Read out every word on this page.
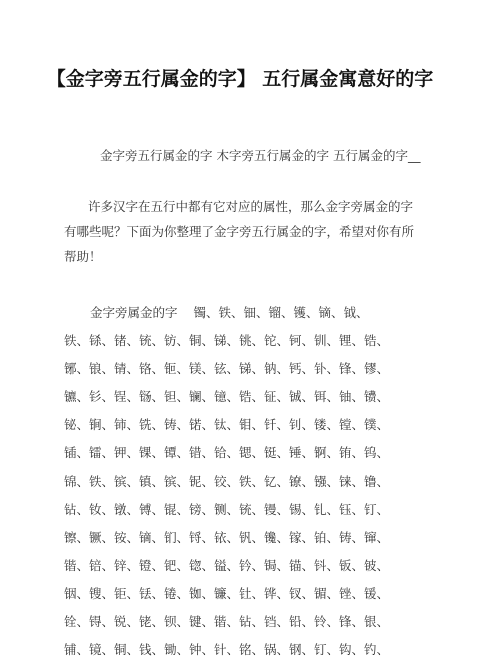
【金字旁五行属金的字】 五行属金寓意好的字
金字旁五行属金的字 木字旁五行属金的字 五行属金的字__
许多汉字在五行中都有它对应的属性，那么金字旁属金的字有哪些呢？下面为你整理了金字旁五行属金的字，希望对你有所帮助！
金字旁属金的字 镯、铁、钿、镏、镬、镝、钺、
铁、铩、锗、铳、钫、铜、锑、铫、铊、钶、钏、锂、锆、
铘、锒、锖、铬、钷、镁、铉、锑、钠、钙、钋、锋、镠、
镳、钐、锃、铴、钽、镧、镱、锆、钲、铖、铒、铀、镄、
铋、锏、铈、铣、铸、锘、钛、钼、钎、钊、镂、镗、镤、
锸、镭、钾、锞、镡、错、铪、锶、铤、锤、锕、铕、钨、
锦、铁、镔、镇、镔、铌、铰、铁、钇、镣、镪、铼、镥、
钻、钕、镦、镈、锟、镑、铡、铳、镘、锡、钆、钰、钉、
镲、镢、铵、镝、钔、锊、铱、钒、镵、镓、铂、铸、镩、
锴、锫、锌、镫、钯、锪、镒、钤、锔、锚、钭、钣、铍、
铟、锼、钜、铥、锩、铷、镰、钍、铧、钗、镅、锉、锾、
铨、锝、锐、铑、钡、键、锴、钻、铛、铅、铃、锋、银、
铺、镜、铜、钱、锄、钟、针、铭、锅、钢、钉、钩、钓、
